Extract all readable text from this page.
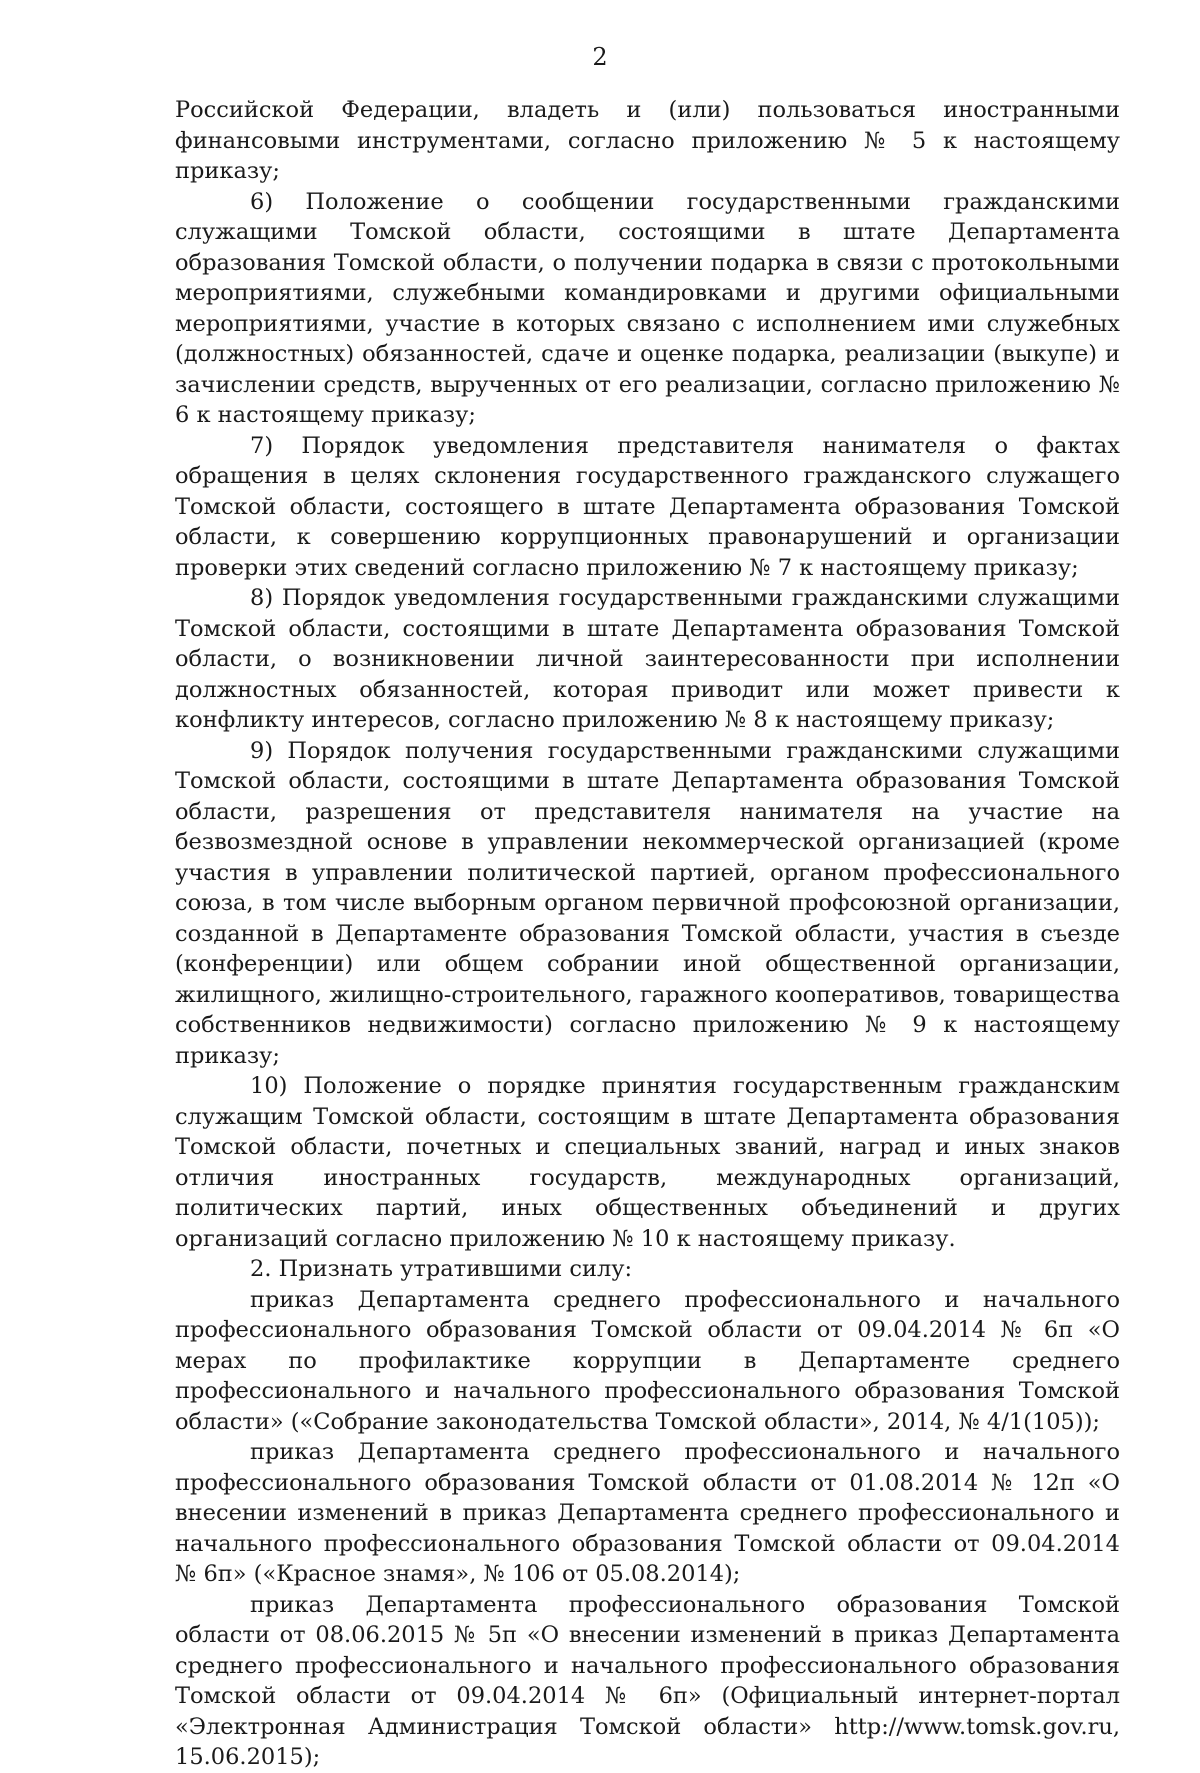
2

Российской Федерации, владеть и (или) пользоваться иностранными финансовыми инструментами, согласно приложению № 5 к настоящему приказу;

6) Положение о сообщении государственными гражданскими служащими Томской области, состоящими в штате Департамента образования Томской области, о получении подарка в связи с протокольными мероприятиями, служебными командировками и другими официальными мероприятиями, участие в которых связано с исполнением ими служебных (должностных) обязанностей, сдаче и оценке подарка, реализации (выкупе) и зачислении средств, вырученных от его реализации, согласно приложению № 6 к настоящему приказу;

7) Порядок уведомления представителя нанимателя о фактах обращения в целях склонения государственного гражданского служащего Томской области, состоящего в штате Департамента образования Томской области, к совершению коррупционных правонарушений и организации проверки этих сведений согласно приложению № 7 к настоящему приказу;

8) Порядок уведомления государственными гражданскими служащими Томской области, состоящими в штате Департамента образования Томской области, о возникновении личной заинтересованности при исполнении должностных обязанностей, которая приводит или может привести к конфликту интересов, согласно приложению № 8 к настоящему приказу;

9) Порядок получения государственными гражданскими служащими Томской области, состоящими в штате Департамента образования Томской области, разрешения от представителя нанимателя на участие на безвозмездной основе в управлении некоммерческой организацией (кроме участия в управлении политической партией, органом профессионального союза, в том числе выборным органом первичной профсоюзной организации, созданной в Департаменте образования Томской области, участия в съезде (конференции) или общем собрании иной общественной организации, жилищного, жилищно-строительного, гаражного кооперативов, товарищества собственников недвижимости) согласно приложению № 9 к настоящему приказу;

10) Положение о порядке принятия государственным гражданским служащим Томской области, состоящим в штате Департамента образования Томской области, почетных и специальных званий, наград и иных знаков отличия иностранных государств, международных организаций, политических партий, иных общественных объединений и других организаций согласно приложению № 10 к настоящему приказу.

2. Признать утратившими силу:

приказ Департамента среднего профессионального и начального профессионального образования Томской области от 09.04.2014 № 6п «О мерах по профилактике коррупции в Департаменте среднего профессионального и начального профессионального образования Томской области» («Собрание законодательства Томской области», 2014, № 4/1(105));

приказ Департамента среднего профессионального и начального профессионального образования Томской области от 01.08.2014 № 12п «О внесении изменений в приказ Департамента среднего профессионального и начального профессионального образования Томской области от 09.04.2014 № 6п» («Красное знамя», № 106 от 05.08.2014);

приказ Департамента профессионального образования Томской области от 08.06.2015 № 5п «О внесении изменений в приказ Департамента среднего профессионального и начального профессионального образования Томской области от 09.04.2014 № 6п» (Официальный интернет-портал «Электронная Администрация Томской области» http://www.tomsk.gov.ru, 15.06.2015);
